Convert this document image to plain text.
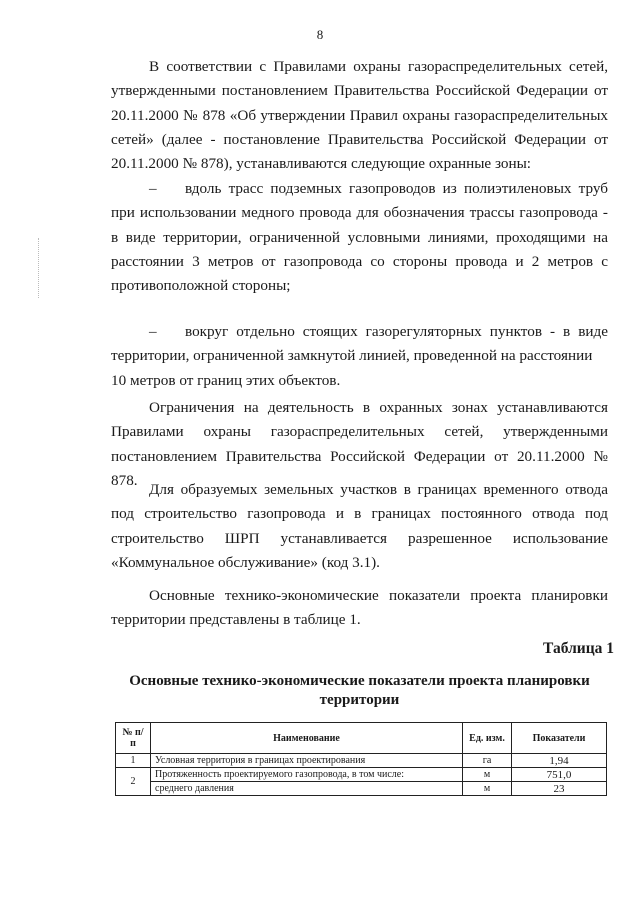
8

В соответствии с Правилами охраны газораспределительных сетей, утвержденными постановлением Правительства Российской Федерации от 20.11.2000 № 878 «Об утверждении Правил охраны газораспределительных сетей» (далее - постановление Правительства Российской Федерации от 20.11.2000 № 878), устанавливаются следующие охранные зоны:

– вдоль трасс подземных газопроводов из полиэтиленовых труб при использовании медного провода для обозначения трассы газопровода - в виде территории, ограниченной условными линиями, проходящими на расстоянии 3 метров от газопровода со стороны провода и 2 метров с противоположной стороны;

– вокруг отдельно стоящих газорегуляторных пунктов - в виде территории, ограниченной замкнутой линией, проведенной на расстоянии
10 метров от границ этих объектов.

Ограничения на деятельность в охранных зонах устанавливаются Правилами охраны газораспределительных сетей, утвержденными постановлением Правительства Российской Федерации от 20.11.2000 № 878.

Для образуемых земельных участков в границах временного отвода под строительство газопровода и в границах постоянного отвода под строительство ШРП устанавливается разрешенное использование «Коммунальное обслуживание» (код 3.1).

Основные технико-экономические показатели проекта планировки территории представлены в таблице 1.

Таблица 1
Основные технико-экономические показатели проекта планировки территории
№ п/п	Наименование	Ед. изм.	Показатели
1	Условная территория в границах проектирования	га	1,94
2	Протяженность проектируемого газопровода, в том числе:	м	751,0
	среднего давления	м	23
